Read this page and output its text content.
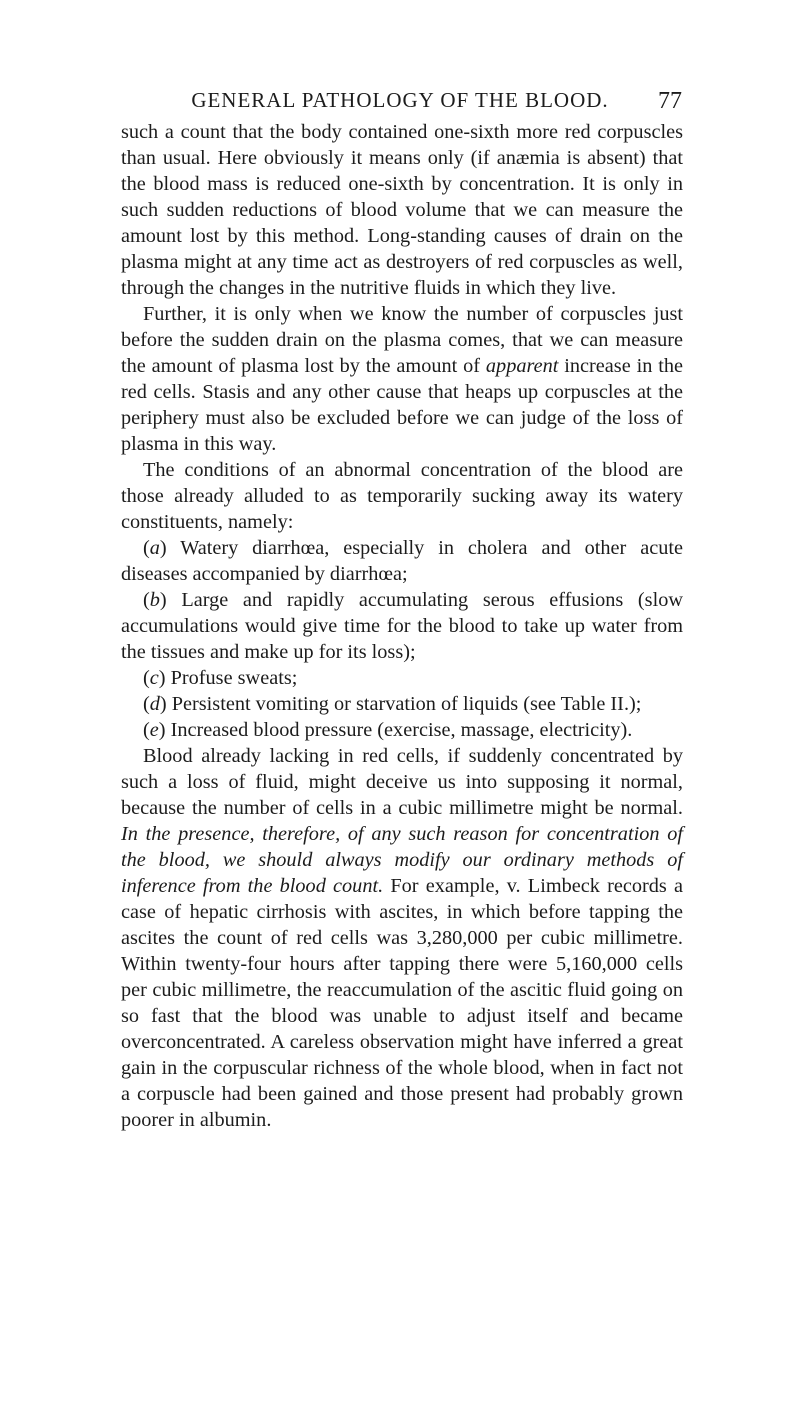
GENERAL PATHOLOGY OF THE BLOOD.	77

such a count that the body contained one-sixth more red corpuscles than usual. Here obviously it means only (if anæmia is absent) that the blood mass is reduced one-sixth by concentration. It is only in such sudden reductions of blood volume that we can measure the amount lost by this method. Long-standing causes of drain on the plasma might at any time act as destroyers of red corpuscles as well, through the changes in the nutritive fluids in which they live.

Further, it is only when we know the number of corpuscles just before the sudden drain on the plasma comes, that we can measure the amount of plasma lost by the amount of apparent increase in the red cells. Stasis and any other cause that heaps up corpuscles at the periphery must also be excluded before we can judge of the loss of plasma in this way.

The conditions of an abnormal concentration of the blood are those already alluded to as temporarily sucking away its watery constituents, namely:

(a) Watery diarrhœa, especially in cholera and other acute diseases accompanied by diarrhœa;

(b) Large and rapidly accumulating serous effusions (slow accumulations would give time for the blood to take up water from the tissues and make up for its loss);

(c) Profuse sweats;

(d) Persistent vomiting or starvation of liquids (see Table II.);

(e) Increased blood pressure (exercise, massage, electricity).

Blood already lacking in red cells, if suddenly concentrated by such a loss of fluid, might deceive us into supposing it normal, because the number of cells in a cubic millimetre might be normal. In the presence, therefore, of any such reason for concentration of the blood, we should always modify our ordinary methods of inference from the blood count. For example, v. Limbeck records a case of hepatic cirrhosis with ascites, in which before tapping the ascites the count of red cells was 3,280,000 per cubic millimetre. Within twenty-four hours after tapping there were 5,160,000 cells per cubic millimetre, the reaccumulation of the ascitic fluid going on so fast that the blood was unable to adjust itself and became overconcentrated. A careless observation might have inferred a great gain in the corpuscular richness of the whole blood, when in fact not a corpuscle had been gained and those present had probably grown poorer in albumin.
